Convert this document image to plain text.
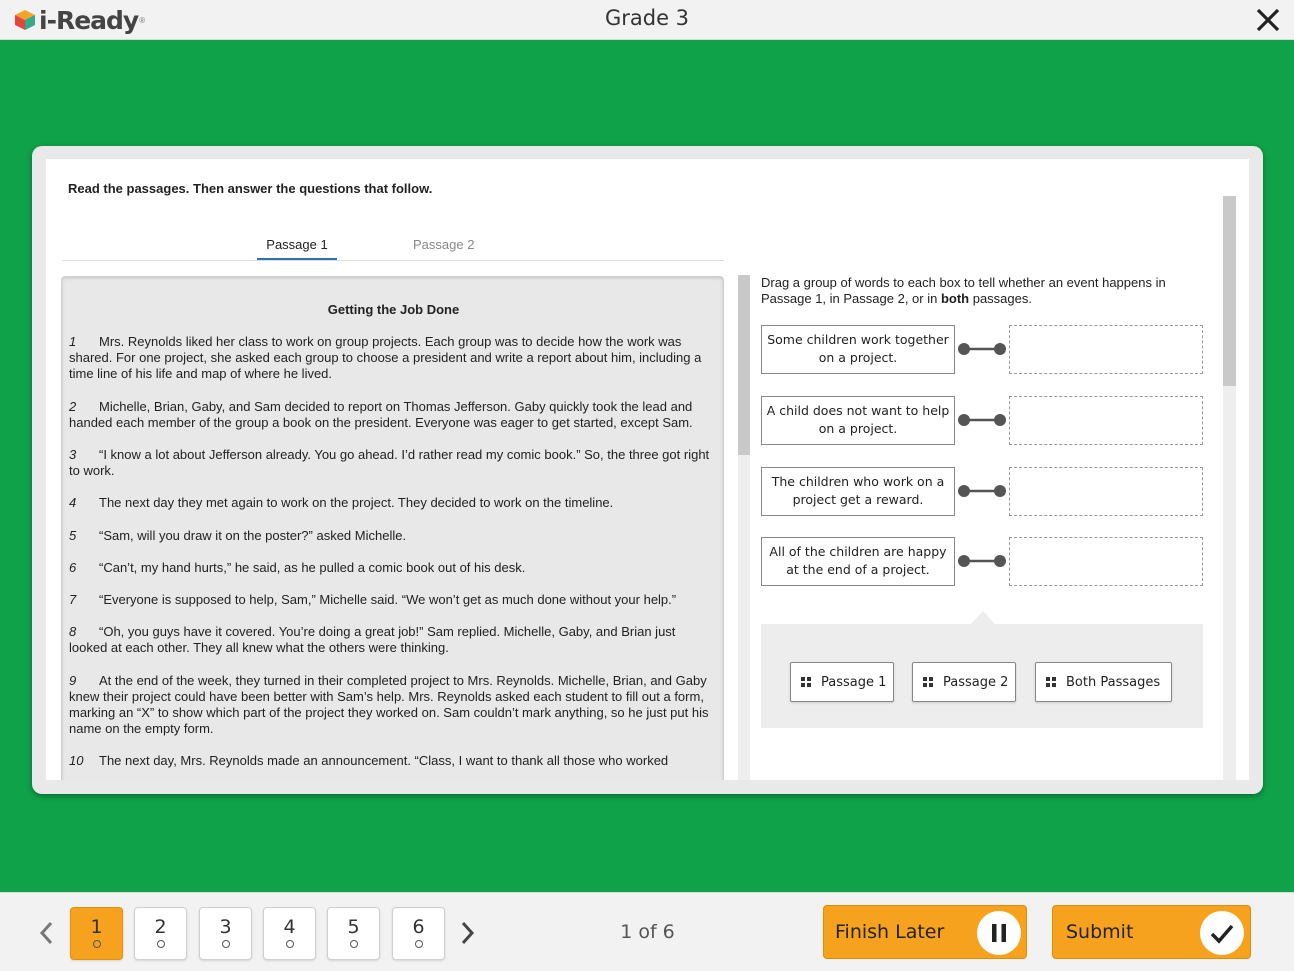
i-Ready ®	Grade 3
Read the passages. Then answer the questions that follow.
Passage 1	Passage 2
Getting the Job Done

1 Mrs. Reynolds liked her class to work on group projects. Each group was to decide how the work was shared. For one project, she asked each group to choose a president and write a report about him, including a time line of his life and map of where he lived.

2 Michelle, Brian, Gaby, and Sam decided to report on Thomas Jefferson. Gaby quickly took the lead and handed each member of the group a book on the president. Everyone was eager to get started, except Sam.

3 “I know a lot about Jefferson already. You go ahead. I’d rather read my comic book.” So, the three got right to work.

4 The next day they met again to work on the project. They decided to work on the timeline.

5 “Sam, will you draw it on the poster?” asked Michelle.

6 “Can’t, my hand hurts,” he said, as he pulled a comic book out of his desk.

7 “Everyone is supposed to help, Sam,” Michelle said. “We won’t get as much done without your help.”

8 “Oh, you guys have it covered. You’re doing a great job!” Sam replied. Michelle, Gaby, and Brian just looked at each other. They all knew what the others were thinking.

9 At the end of the week, they turned in their completed project to Mrs. Reynolds. Michelle, Brian, and Gaby knew their project could have been better with Sam’s help. Mrs. Reynolds asked each student to fill out a form, marking an “X” to show which part of the project they worked on. Sam couldn’t mark anything, so he just put his name on the empty form.

10 The next day, Mrs. Reynolds made an announcement. “Class, I want to thank all those who worked

Drag a group of words to each box to tell whether an event happens in Passage 1, in Passage 2, or in both passages.
Some children work together
on a project.
A child does not want to help
on a project.
The children who work on a
project get a reward.
All of the children are happy
at the end of a project.
Passage 1	Passage 2	Both Passages
1	2	3	4	5	6	1 of 6	Finish Later	Submit
